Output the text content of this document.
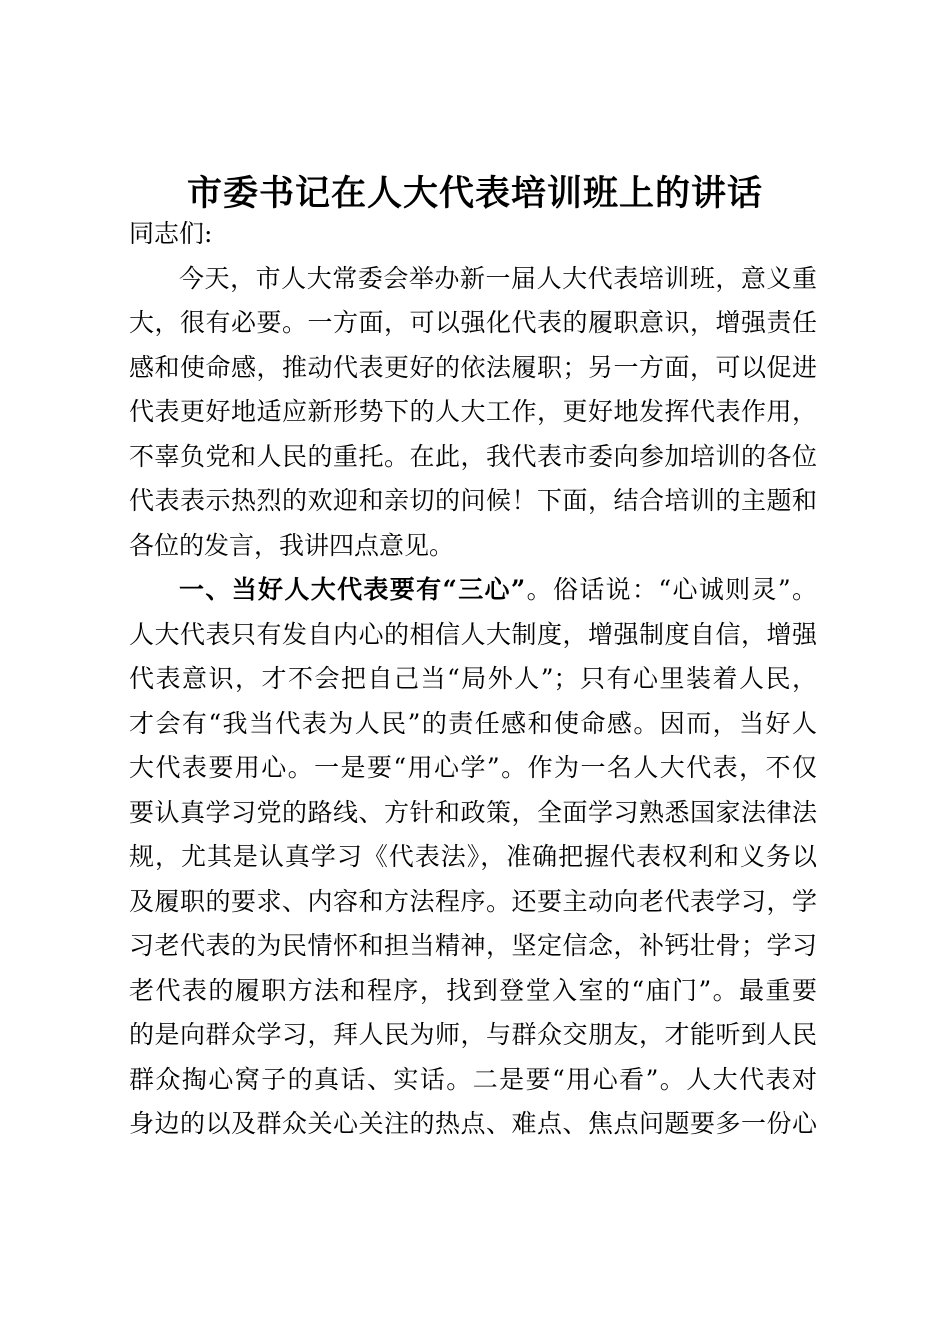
市委书记在人大代表培训班上的讲话
同志们:
今天，市人大常委会举办新一届人大代表培训班，意义重
大，很有必要。一方面，可以强化代表的履职意识，增强责任
感和使命感，推动代表更好的依法履职；另一方面，可以促进
代表更好地适应新形势下的人大工作，更好地发挥代表作用，
不辜负党和人民的重托。在此，我代表市委向参加培训的各位
代表表示热烈的欢迎和亲切的问候！下面，结合培训的主题和
各位的发言，我讲四点意见。
一、当好人大代表要有“三心”。俗话说：“心诚则灵”。
人大代表只有发自内心的相信人大制度，增强制度自信，增强
代表意识，才不会把自己当“局外人”；只有心里装着人民，
才会有“我当代表为人民”的责任感和使命感。因而，当好人
大代表要用心。一是要“用心学”。作为一名人大代表，不仅
要认真学习党的路线、方针和政策，全面学习熟悉国家法律法
规，尤其是认真学习《代表法》，准确把握代表权利和义务以
及履职的要求、内容和方法程序。还要主动向老代表学习，学
习老代表的为民情怀和担当精神，坚定信念，补钙壮骨；学习
老代表的履职方法和程序，找到登堂入室的“庙门”。最重要
的是向群众学习，拜人民为师，与群众交朋友，才能听到人民
群众掏心窝子的真话、实话。二是要“用心看”。人大代表对
身边的以及群众关心关注的热点、难点、焦点问题要多一份心
